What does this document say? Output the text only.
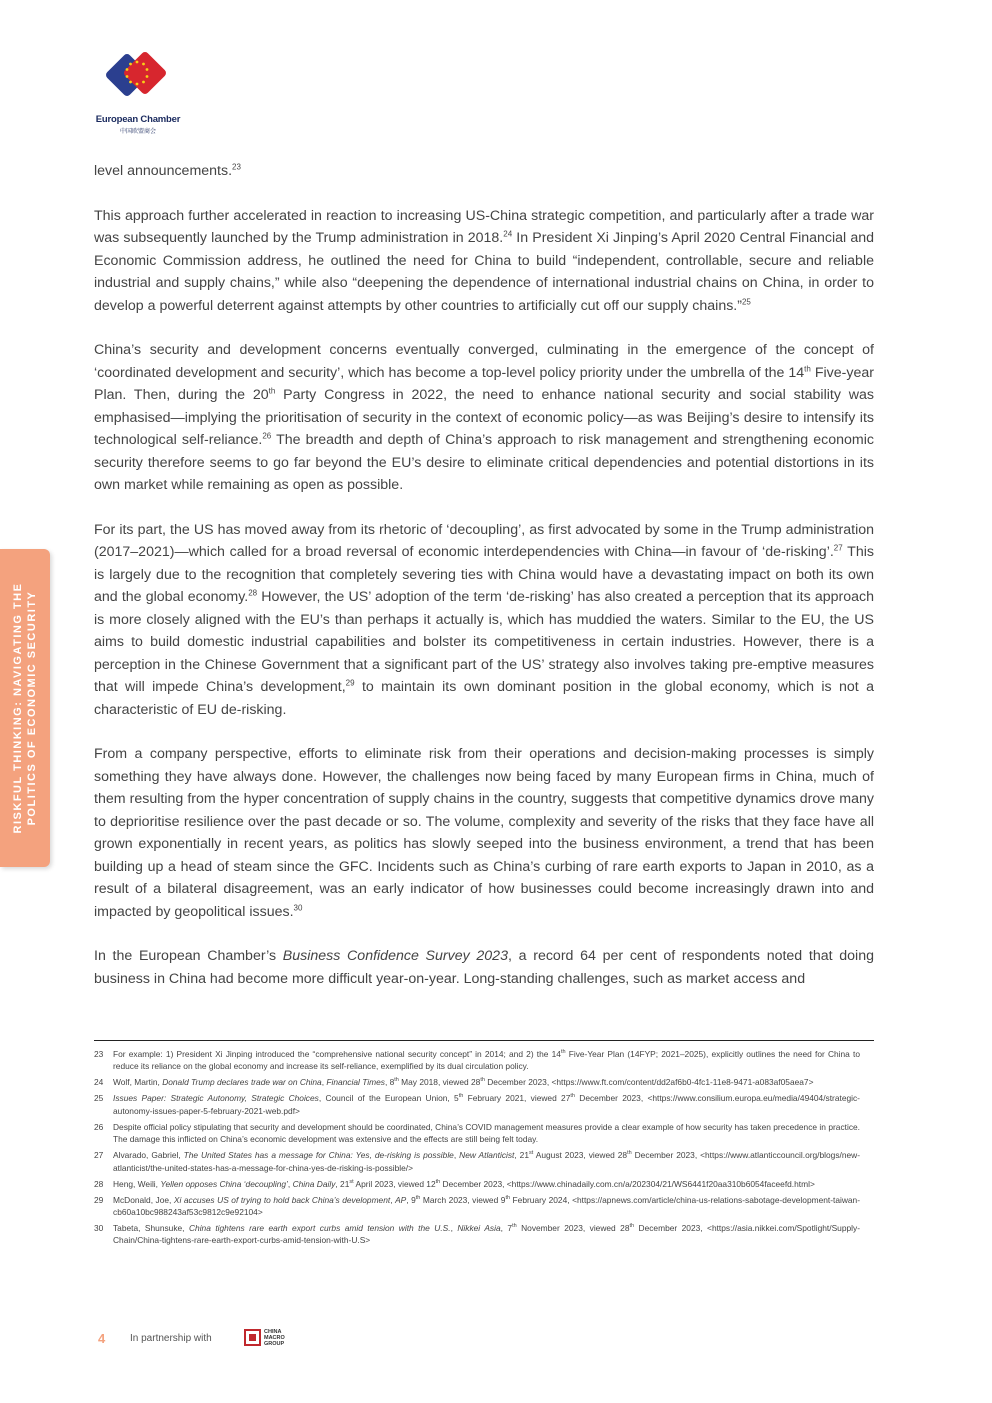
European Chamber
中国欧盟商会
RISKFUL THINKING: NAVIGATING THE POLITICS OF ECONOMIC SECURITY

level announcements.$^{23}$

This approach further accelerated in reaction to increasing US-China strategic competition, and particularly after a trade war was subsequently launched by the Trump administration in 2018.24 In President Xi Jinping’s April 2020 Central Financial and Economic Commission address, he outlined the need for China to build “independent, controllable, secure and reliable industrial and supply chains,” while also “deepening the dependence of international industrial chains on China, in order to develop a powerful deterrent against attempts by other countries to artificially cut off our supply chains.”$^{25}$

China’s security and development concerns eventually converged, culminating in the emergence of the concept of ‘coordinated development and security’, which has become a top-level policy priority under the umbrella of the 14th Five-year Plan. Then, during the 20th Party Congress in 2022, the need to enhance national security and social stability was emphasised—implying the prioritisation of security in the context of economic policy—as was Beijing’s desire to intensify its technological self-reliance.$^{26}$ The breadth and depth of China’s approach to risk management and strengthening economic security therefore seems to go far beyond the EU’s desire to eliminate critical dependencies and potential distortions in its own market while remaining as open as possible.

For its part, the US has moved away from its rhetoric of ‘decoupling’, as first advocated by some in the Trump administration (2017–2021)—which called for a broad reversal of economic interdependencies with China—in favour of ‘de-risking’.$^{27}$ This is largely due to the recognition that completely severing ties with China would have a devastating impact on both its own and the global economy.$^{28}$ However, the US’ adoption of the term ‘de-risking’ has also created a perception that its approach is more closely aligned with the EU’s than perhaps it actually is, which has muddied the waters. Similar to the EU, the US aims to build domestic industrial capabilities and bolster its competitiveness in certain industries. However, there is a perception in the Chinese Government that a significant part of the US’ strategy also involves taking pre-emptive measures that will impede China’s development,$^{29}$ to maintain its own dominant position in the global economy, which is not a characteristic of EU de-risking.

From a company perspective, efforts to eliminate risk from their operations and decision-making processes is simply something they have always done. However, the challenges now being faced by many European firms in China, much of them resulting from the hyper concentration of supply chains in the country, suggests that competitive dynamics drove many to deprioritise resilience over the past decade or so. The volume, complexity and severity of the risks that they face have all grown exponentially in recent years, as politics has slowly seeped into the business environment, a trend that has been building up a head of steam since the GFC. Incidents such as China’s curbing of rare earth exports to Japan in 2010, as a result of a bilateral disagreement, was an early indicator of how businesses could become increasingly drawn into and impacted by geopolitical issues.$^{30}$

In the European Chamber’s Business Confidence Survey 2023, a record 64 per cent of respondents noted that doing business in China had become more difficult year-on-year. Long-standing challenges, such as market access and

23	For example: 1) President Xi Jinping introduced the “comprehensive national security concept” in 2014; and 2) the 14th Five-Year Plan (14FYP; 2021–2025), explicitly outlines the need for China to reduce its reliance on the global economy and increase its self-reliance, exemplified by its dual circulation policy.
24	Wolf, Martin, Donald Trump declares trade war on China, Financial Times, 8th May 2018, viewed 28th December 2023, <https://www.ft.com/content/dd2af6b0-4fc1-11e8-9471-a083af05aea7>
25	Issues Paper: Strategic Autonomy, Strategic Choices, Council of the European Union, 5th February 2021, viewed 27th December 2023, <https://www.consilium.europa.eu/media/49404/strategic-autonomy-issues-paper-5-february-2021-web.pdf>
26	Despite official policy stipulating that security and development should be coordinated, China’s COVID management measures provide a clear example of how security has taken precedence in practice. The damage this inflicted on China’s economic development was extensive and the effects are still being felt today.
27	Alvarado, Gabriel, The United States has a message for China: Yes, de-risking is possible, New Atlanticist, 21st August 2023, viewed 28th December 2023, <https://www.atlanticcouncil.org/blogs/new-atlanticist/the-united-states-has-a-message-for-china-yes-de-risking-is-possible/>
28	Heng, Weili, Yellen opposes China ‘decoupling’, China Daily, 21st April 2023, viewed 12th December 2023, <https://www.chinadaily.com.cn/a/202304/21/WS6441f20aa310b6054faceefd.html>
29	McDonald, Joe, Xi accuses US of trying to hold back China’s development, AP, 9th March 2023, viewed 9th February 2024, <https://apnews.com/article/china-us-relations-sabotage-development-taiwan-cb60a10bc988243af53c9812c9e92104>
30	Tabeta, Shunsuke, China tightens rare earth export curbs amid tension with the U.S., Nikkei Asia, 7th November 2023, viewed 28th December 2023, <https://asia.nikkei.com/Spotlight/Supply-Chain/China-tightens-rare-earth-export-curbs-amid-tension-with-U.S>
4 In partnership with
CHINA MACRO GROUP
